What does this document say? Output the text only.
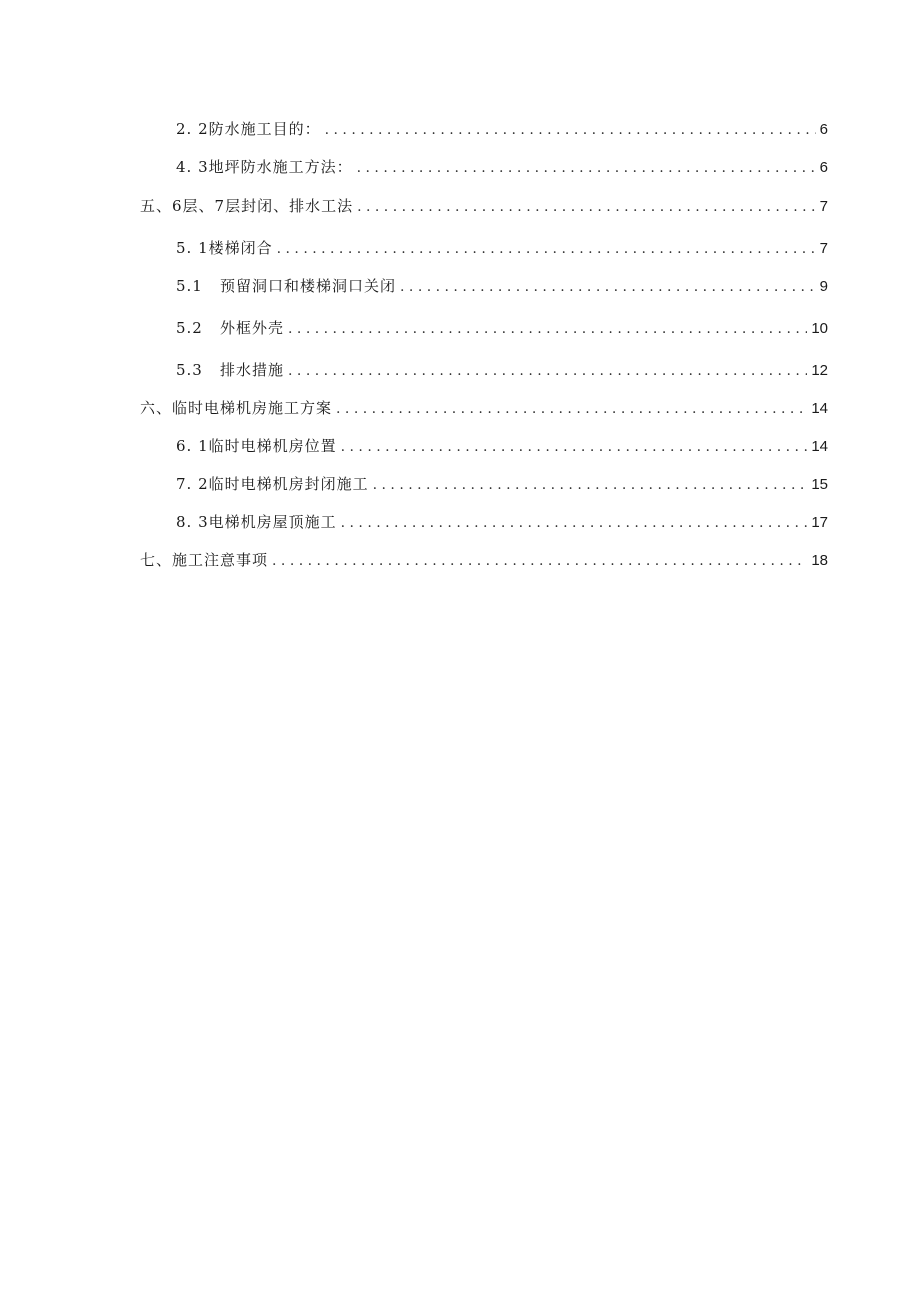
2. 2防水施工目的： . . .	6
4. 3地坪防水施工方法： . . .	6
五、6层、7层封闭、排水工法 . . .	7
5. 1楼梯闭合 . . .	7
5.1 预留洞口和楼梯洞口关闭 . . .	9
5.2 外框外壳 . . .	10
5.3 排水措施 . . .	12
六、临时电梯机房施工方案 . . .	14
6. 1临时电梯机房位置 . . .	14
7. 2临时电梯机房封闭施工 . . .	15
8. 3电梯机房屋顶施工 . . .	17
七、施工注意事项 . . .	18
